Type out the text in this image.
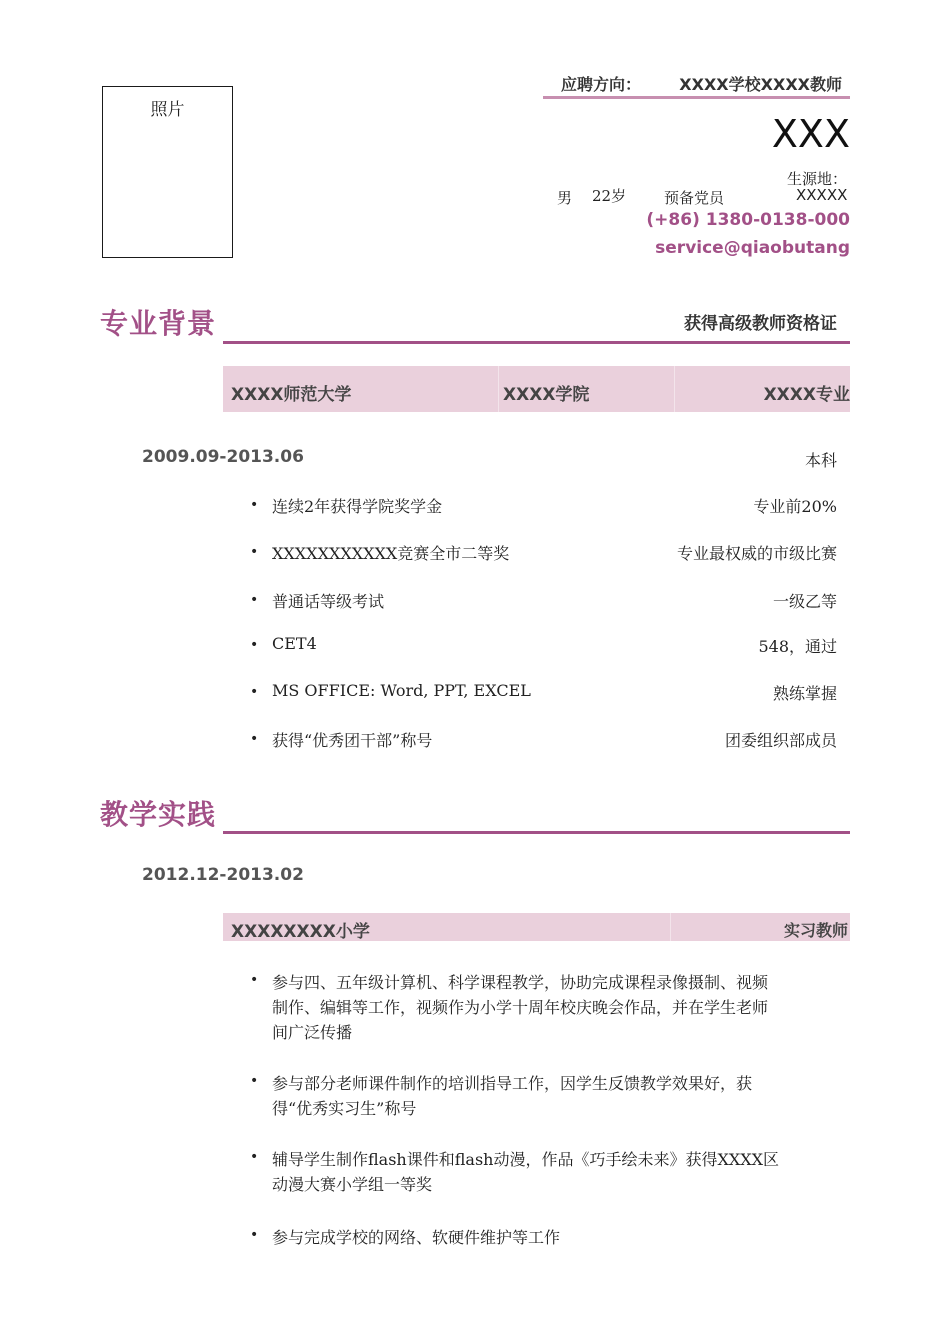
照片
应聘方向： XXXX学校XXXX教师
XXX
生源地：
XXXXX
男 22岁	预备党员
(+86) 1380-0138-000
service@qiaobutang
专业背景	获得高级教师资格证
XXXX师范大学	XXXX学院	XXXX专业
2009.09-2013.06	本科
• 连续2年获得学院奖学金	专业前20%
• XXXXXXXXXXX竞赛全市二等奖	专业最权威的市级比赛
• 普通话等级考试	一级乙等
• CET4	548，通过
• MS OFFICE: Word, PPT, EXCEL	熟练掌握
• 获得“优秀团干部”称号	团委组织部成员
教学实践
2012.12-2013.02
XXXXXXXX小学	实习教师
• 参与四、五年级计算机、科学课程教学，协助完成课程录像摄制、视频制作、编辑等工作，视频作为小学十周年校庆晚会作品，并在学生老师间广泛传播
• 参与部分老师课件制作的培训指导工作，因学生反馈教学效果好，获得“优秀实习生”称号
• 辅导学生制作flash课件和flash动漫，作品《巧手绘未来》获得XXXX区动漫大赛小学组一等奖
• 参与完成学校的网络、软硬件维护等工作
